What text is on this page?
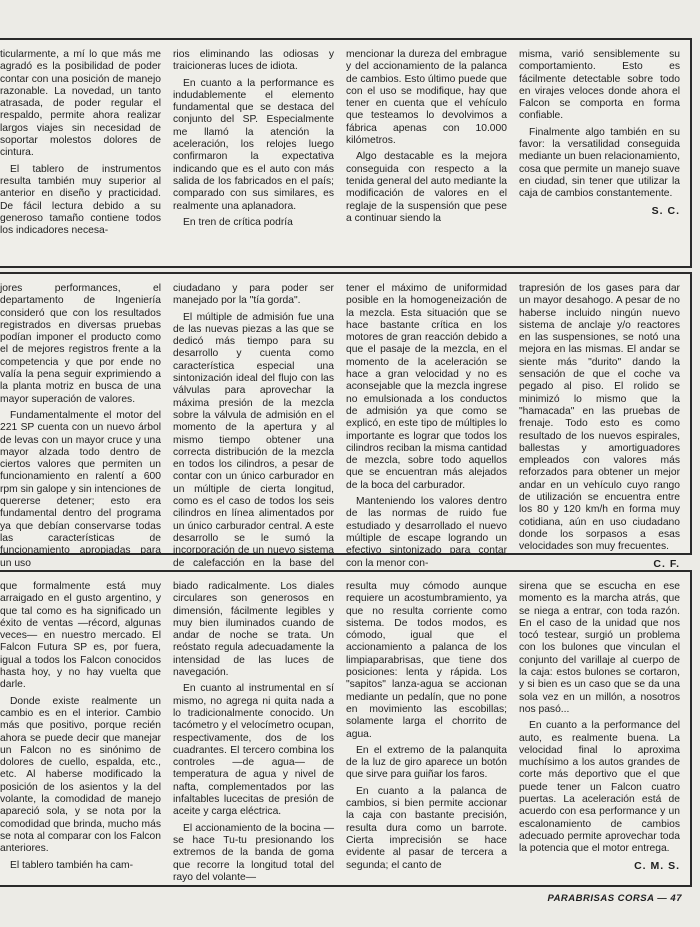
ticularmente, a mí lo que más me agradó es la posibilidad de poder contar con una posición de manejo razonable. La novedad, un tanto atrasada, de poder regular el respaldo, permite ahora realizar largos viajes sin necesidad de soportar molestos dolores de cintura.

El tablero de instrumentos resulta también muy superior al anterior en diseño y practicidad. De fácil lectura debido a su generoso tamaño contiene todos los indicadores necesa-

rios eliminando las odiosas y traicioneras luces de idiota.

En cuanto a la performance es indudablemente el elemento fundamental que se destaca del conjunto del SP. Especialmente me llamó la atención la aceleración, los relojes luego confirmaron la expectativa indicando que es el auto con más salida de los fabricados en el país; comparado con sus similares, es realmente una aplanadora.

En tren de crítica podría

mencionar la dureza del embrague y del accionamiento de la palanca de cambios. Esto último puede que con el uso se modifique, hay que tener en cuenta que el vehículo que testeamos lo devolvimos a fábrica apenas con 10.000 kilómetros.

Algo destacable es la mejora conseguida con respecto a la tenida general del auto mediante la modificación de valores en el reglaje de la suspensión que pese a continuar siendo la

misma, varió sensiblemente su comportamiento. Esto es fácilmente detectable sobre todo en virajes veloces donde ahora el Falcon se comporta en forma confiable.

Finalmente algo también en su favor: la versatilidad conseguida mediante un buen relacionamiento, cosa que permite un manejo suave en ciudad, sin tener que utilizar la caja de cambios constantemente.

S. C.

jores performances, el departamento de Ingeniería consideró que con los resultados registrados en diversas pruebas podían imponer el producto como el de mejores registros frente a la competencia y que por ende no valía la pena seguir exprimiendo a la planta motriz en busca de una mayor superación de valores.

Fundamentalmente el motor del 221 SP cuenta con un nuevo árbol de levas con un mayor cruce y una mayor alzada todo dentro de ciertos valores que permiten un funcionamiento en ralentí a 600 rpm sin galope y sin intenciones de quererse detener; esto era fundamental dentro del programa ya que debían conservarse todas las características de funcionamiento apropiadas para un uso

ciudadano y para poder ser manejado por la "tía gorda".

El múltiple de admisión fue una de las nuevas piezas a las que se dedicó más tiempo para su desarrollo y cuenta como característica especial una sintonización ideal del flujo con las válvulas para aprovechar la máxima presión de la mezcla sobre la válvula de admisión en el momento de la apertura y al mismo tiempo obtener una correcta distribución de la mezcla en todos los cilindros, a pesar de contar con un único carburador en un múltiple de cierta longitud, como es el caso de todos los seis cilindros en línea alimentados por un único carburador central. A este desarrollo se le sumó la incorporación de un nuevo sistema de calefacción en la base del

tener el máximo de uniformidad posible en la homogeneización de la mezcla. Esta situación que se hace bastante crítica en los motores de gran reacción debido a que el pasaje de la mezcla, en el momento de la aceleración se hace a gran velocidad y no es aconsejable que la mezcla ingrese no emulsionada a los conductos de admisión ya que como se explicó, en este tipo de múltiples lo importante es lograr que todos los cilindros reciban la misma cantidad de mezcla, sobre todo aquellos que se encuentran más alejados de la boca del carburador.

Manteniendo los valores dentro de las normas de ruido fue estudiado y desarrollado el nuevo múltiple de escape logrando un efectivo sintonizado para contar con la menor con-

trapresión de los gases para dar un mayor desahogo. A pesar de no haberse incluido ningún nuevo sistema de anclaje y/o reactores en las suspensiones, se notó una mejora en las mismas. El andar se siente más "durito" dando la sensación de que el coche va pegado al piso. El rolido se minimizó lo mismo que la "hamacada" en las pruebas de frenaje. Todo esto es como resultado de los nuevos espirales, ballestas y amortiguadores empleados con valores más reforzados para obtener un mejor andar en un vehículo cuyo rango de utilización se encuentra entre los 80 y 120 km/h en forma muy cotidiana, aún en uso ciudadano donde los sorpasos a esas velocidades son muy frecuentes.

C. F.

que formalmente está muy arraigado en el gusto argentino, y que tal como es ha significado un éxito de ventas —récord, algunas veces— en nuestro mercado. El Falcon Futura SP es, por fuera, igual a todos los Falcon conocidos hasta hoy, y no hay vuelta que darle.

Donde existe realmente un cambio es en el interior. Cambio más que positivo, porque recién ahora se puede decir que manejar un Falcon no es sinónimo de dolores de cuello, espalda, etc., etc. Al haberse modificado la posición de los asientos y la del volante, la comodidad de manejo apareció sola, y se nota por la comodidad que brinda, mucho más se nota al comparar con los Falcon anteriores.

El tablero también ha cam-

biado radicalmente. Los diales circulares son generosos en dimensión, fácilmente legibles y muy bien iluminados cuando de andar de noche se trata. Un reóstato regula adecuadamente la intensidad de las luces de navegación.

En cuanto al instrumental en sí mismo, no agrega ni quita nada a lo tradicionalmente conocido. Un tacómetro y el velocímetro ocupan, respectivamente, dos de los cuadrantes. El tercero combina los controles —de agua— de temperatura de agua y nivel de nafta, complementados por las infaltables lucecitas de presión de aceite y carga eléctrica.

El accionamiento de la bocina —se hace Tu-tu presionando los extremos de la banda de goma que recorre la longitud total del rayo del volante—

resulta muy cómodo aunque requiere un acostumbramiento, ya que no resulta corriente como sistema. De todos modos, es cómodo, igual que el accionamiento a palanca de los limpiaparabrisas, que tiene dos posiciones: lenta y rápida. Los "sapitos" lanza-agua se accionan mediante un pedalín, que no pone en movimiento las escobillas; solamente larga el chorrito de agua.

En el extremo de la palanquita de la luz de giro aparece un botón que sirve para guiñar los faros.

En cuanto a la palanca de cambios, si bien permite accionar la caja con bastante precisión, resulta dura como un barrote. Cierta imprecisión se hace evidente al pasar de tercera a segunda; el canto de

sirena que se escucha en ese momento es la marcha atrás, que se niega a entrar, con toda razón. En el caso de la unidad que nos tocó testear, surgió un problema con los bulones que vinculan el conjunto del varillaje al cuerpo de la caja: estos bulones se cortaron, y si bien es un caso que se da una sola vez en un millón, a nosotros nos pasó...

En cuanto a la performance del auto, es realmente buena. La velocidad final lo aproxima muchísimo a los autos grandes de corte más deportivo que el que puede tener un Falcon cuatro puertas. La aceleración está de acuerdo con esa performance y un escalonamiento de cambios adecuado permite aprovechar toda la potencia que el motor entrega.

C. M. S.
PARABRISAS CORSA — 47
